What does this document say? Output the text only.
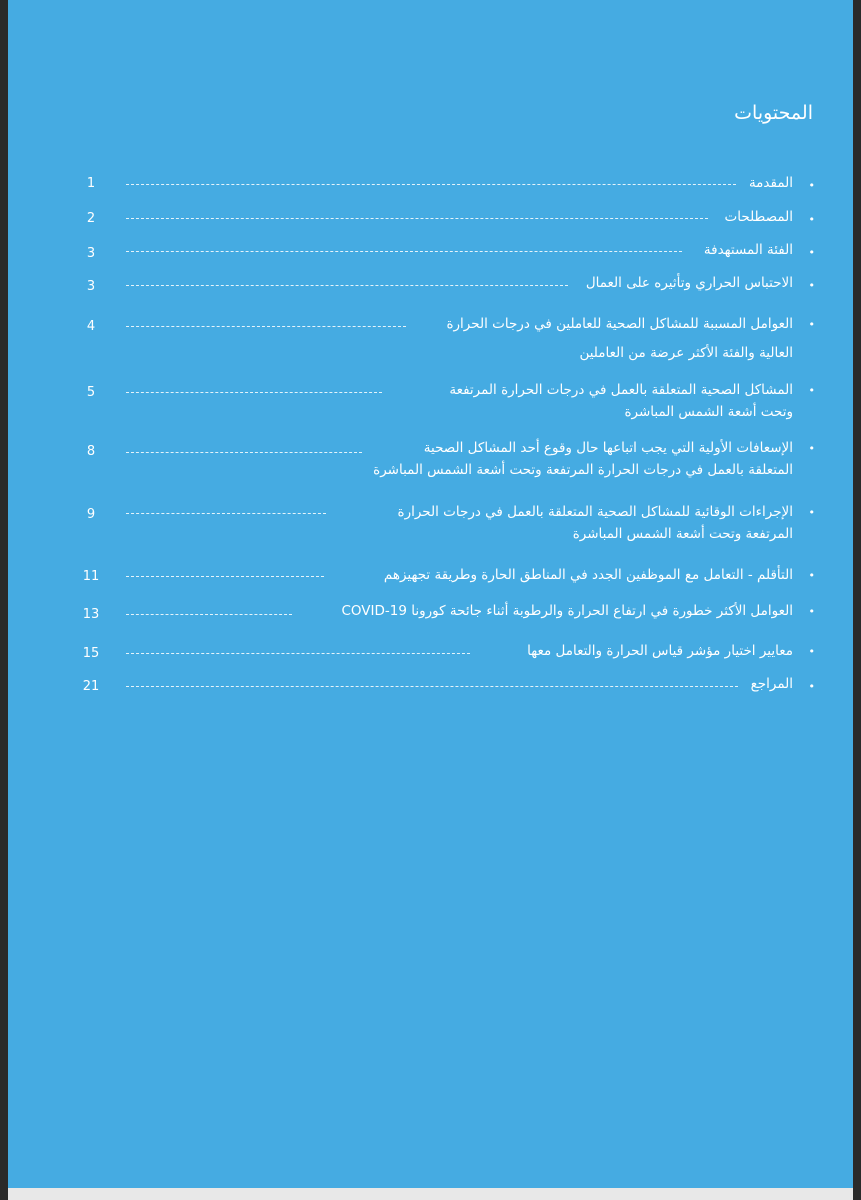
المحتويات
•
المقدمة
1
•
المصطلحات
2
•
الفئة المستهدفة
3
•
الاحتباس الحراري وتأثيره على العمال
3
•
العوامل المسببة للمشاكل الصحية للعاملين في درجات الحرارة
العالية والفئة الأكثر عرضة من العاملين
4
•
المشاكل الصحية المتعلقة بالعمل في درجات الحرارة المرتفعة
وتحت أشعة الشمس المباشرة
5
•
الإسعافات الأولية التي يجب اتباعها حال وقوع أحد المشاكل الصحية
المتعلقة بالعمل في درجات الحرارة المرتفعة وتحت أشعة الشمس المباشرة
8
•
الإجراءات الوقائية للمشاكل الصحية المتعلقة بالعمل في درجات الحرارة
المرتفعة وتحت أشعة الشمس المباشرة
9
•
التأقلم - التعامل مع الموظفين الجدد في المناطق الحارة وطريقة تجهيزهم
11
•
العوامل الأكثر خطورة في ارتفاع الحرارة والرطوبة أثناء جائحة كورونا COVID-19
13
•
معايير اختيار مؤشر قياس الحرارة والتعامل معها
15
•
المراجع
21
